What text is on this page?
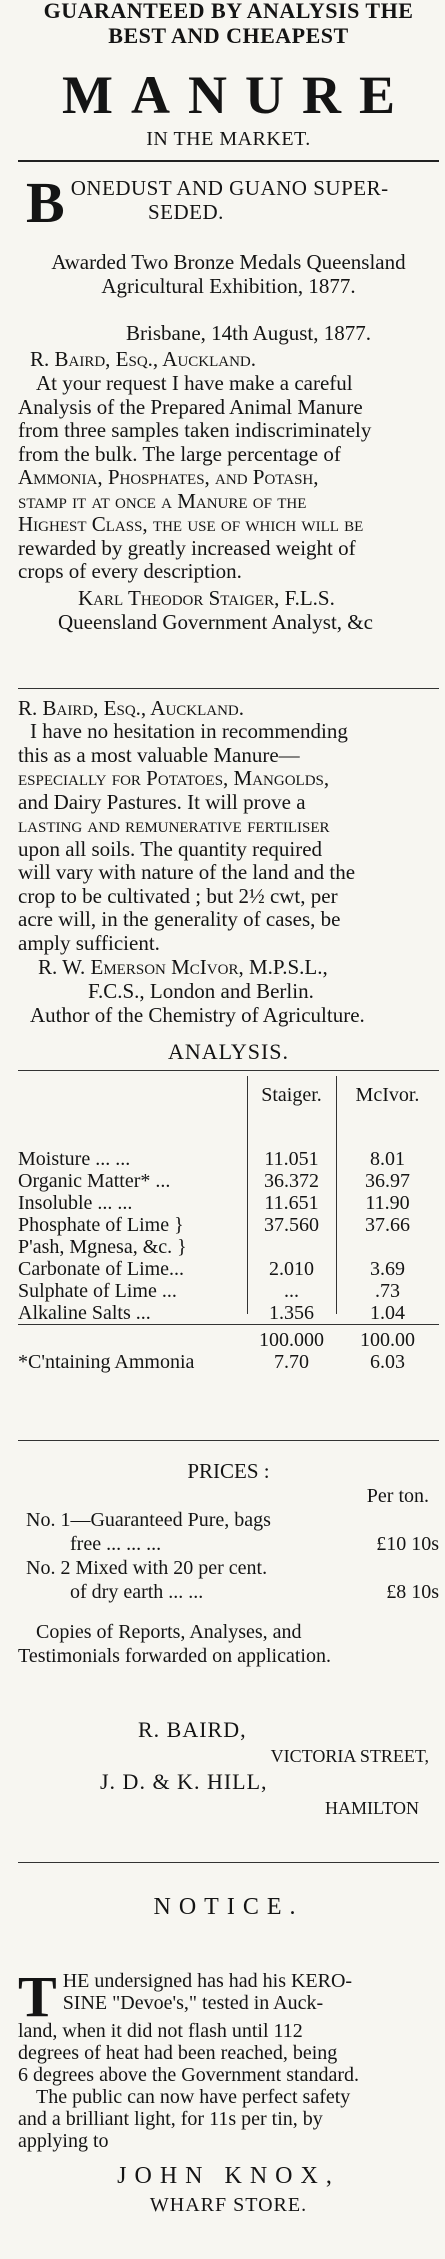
GUARANTEED BY ANALYSIS THE
BEST AND CHEAPEST
MANURE
IN THE MARKET.
B ONEDUST AND GUANO SUPER-
SEDED.
Awarded Two Bronze Medals Queensland
Agricultural Exhibition, 1877.
Brisbane, 14th August, 1877.
R. Baird, Esq., Auckland.
At your request I have make a careful
Analysis of the Prepared Animal Manure
from three samples taken indiscriminately
from the bulk. The large percentage of
Ammonia, Phosphates, and Potash,
stamp it at once a Manure of the
Highest Class, the use of which will be
rewarded by greatly increased weight of
crops of every description.
Karl Theodor Staiger, F.L.S.
Queensland Government Analyst, &c
R. Baird, Esq., Auckland.
I have no hesitation in recommending
this as a most valuable Manure—
especially for Potatoes, Mangolds,
and Dairy Pastures. It will prove a
lasting and remunerative fertiliser
upon all soils. The quantity required
will vary with nature of the land and the
crop to be cultivated ; but 2½ cwt, per
acre will, in the generality of cases, be
amply sufficient.
R. W. Emerson McIvor, M.P.S.L.,
F.C.S., London and Berlin.
Author of the Chemistry of Agriculture.
ANALYSIS.
	Staiger.	McIvor.

Moisture ... ...	11.051	8.01
Organic Matter* ...	36.372	36.97
Insoluble ... ...	11.651	11.90
Phosphate of Lime }	37.560	37.66
P'ash, Mgnesa, &c. }		
Carbonate of Lime...	2.010	3.69
Sulphate of Lime ...	...	.73
Alkaline Salts ...	1.356	1.04
	100.000	100.00
*C'ntaining Ammonia	7.70	6.03
PRICES :
Per ton.
No. 1—Guaranteed Pure, bags
free ... ... ...	£10 10s
No. 2 Mixed with 20 per cent.
of dry earth ... ...	£8 10s
Copies of Reports, Analyses, and
Testimonials forwarded on application.
R. BAIRD,
VICTORIA STREET,
J. D. & K. HILL,
HAMILTON
NOTICE.
T HE undersigned has had his KERO-
SINE "Devoe's," tested in Auck-
land, when it did not flash until 112
degrees of heat had been reached, being
6 degrees above the Government standard.
The public can now have perfect safety
and a brilliant light, for 11s per tin, by
applying to
JOHN KNOX,
WHARF STORE.
